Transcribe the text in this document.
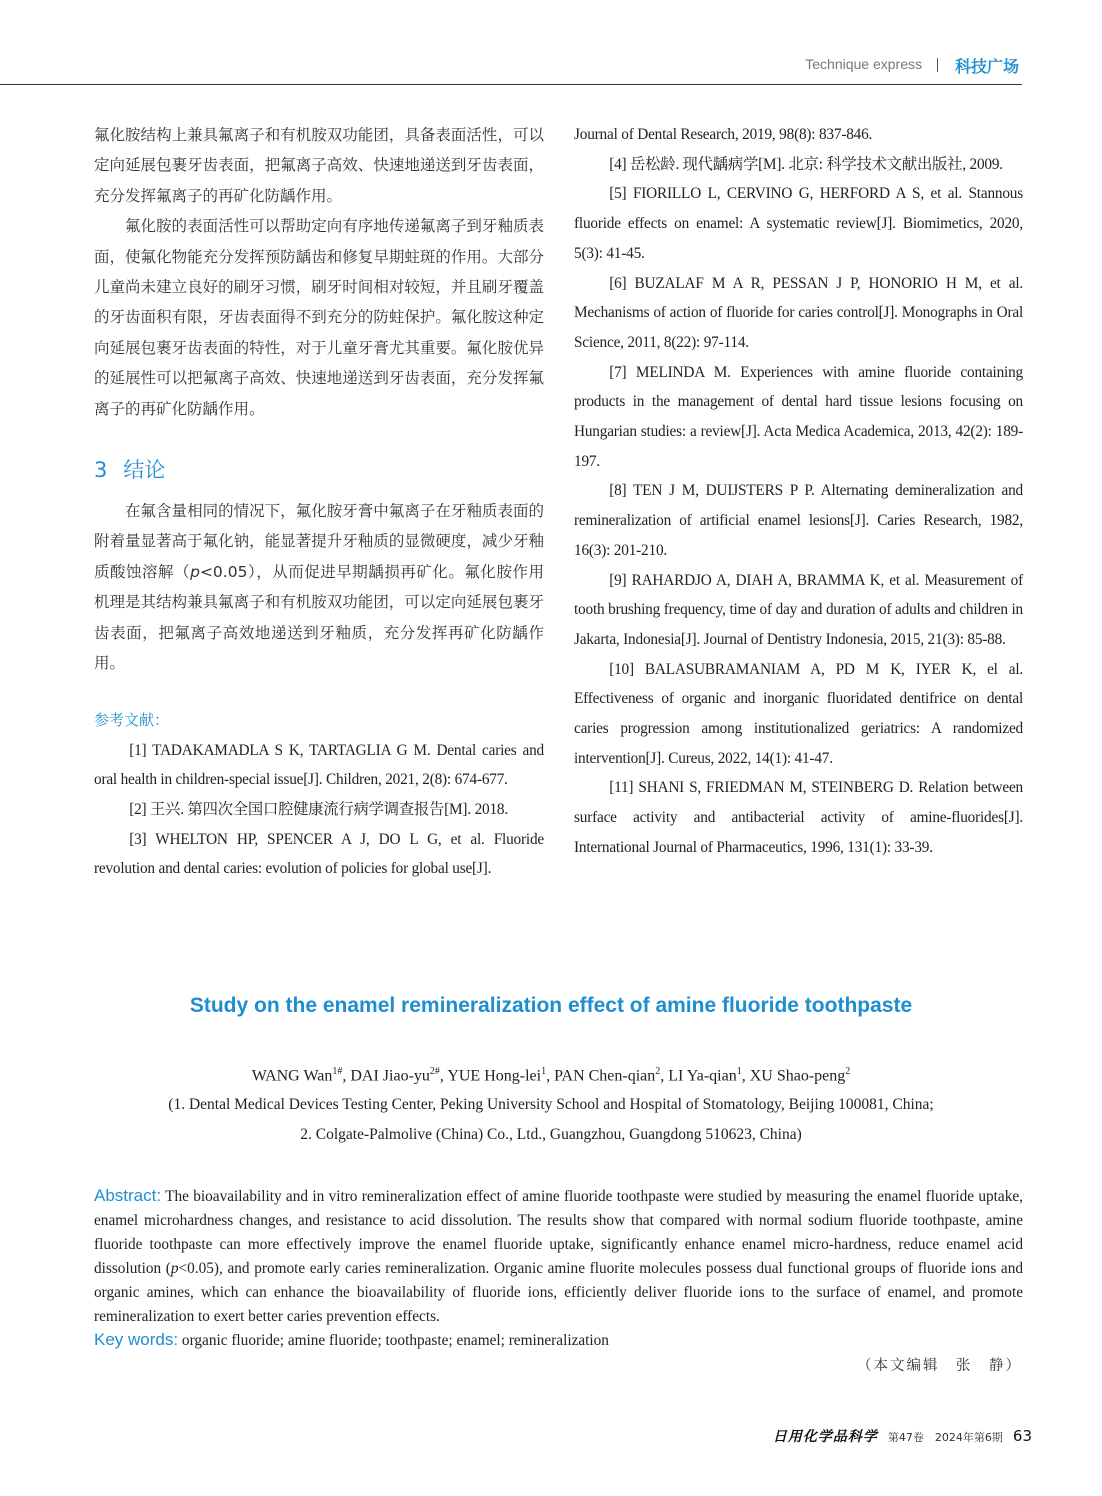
Technique express 科技广场

氟化胺结构上兼具氟离子和有机胺双功能团，具备表面活性，可以定向延展包裹牙齿表面，把氟离子高效、快速地递送到牙齿表面，充分发挥氟离子的再矿化防龋作用。

氟化胺的表面活性可以帮助定向有序地传递氟离子到牙釉质表面，使氟化物能充分发挥预防龋齿和修复早期蛀斑的作用。大部分儿童尚未建立良好的刷牙习惯，刷牙时间相对较短，并且刷牙覆盖的牙齿面积有限，牙齿表面得不到充分的防蛀保护。氟化胺这种定向延展包裹牙齿表面的特性，对于儿童牙膏尤其重要。氟化胺优异的延展性可以把氟离子高效、快速地递送到牙齿表面，充分发挥氟离子的再矿化防龋作用。

3 结论

在氟含量相同的情况下，氟化胺牙膏中氟离子在牙釉质表面的附着量显著高于氟化钠，能显著提升牙釉质的显微硬度，减少牙釉质酸蚀溶解（p<0.05），从而促进早期龋损再矿化。氟化胺作用机理是其结构兼具氟离子和有机胺双功能团，可以定向延展包裹牙齿表面，把氟离子高效地递送到牙釉质，充分发挥再矿化防龋作用。

参考文献：

[1] TADAKAMADLA S K, TARTAGLIA G M. Dental caries and oral health in children-special issue[J]. Children, 2021, 2(8): 674-677.

[2] 王兴. 第四次全国口腔健康流行病学调查报告[M]. 2018.

[3] WHELTON HP, SPENCER A J, DO L G, et al. Fluoride revolution and dental caries: evolution of policies for global use[J].

Journal of Dental Research, 2019, 98(8): 837-846.

[4] 岳松龄. 现代龋病学[M]. 北京: 科学技术文献出版社, 2009.

[5] FIORILLO L, CERVINO G, HERFORD A S, et al. Stannous fluoride effects on enamel: A systematic review[J]. Biomimetics, 2020, 5(3): 41-45.

[6] BUZALAF M A R, PESSAN J P, HONORIO H M, et al. Mechanisms of action of fluoride for caries control[J]. Monographs in Oral Science, 2011, 8(22): 97-114.

[7] MELINDA M. Experiences with amine fluoride containing products in the management of dental hard tissue lesions focusing on Hungarian studies: a review[J]. Acta Medica Academica, 2013, 42(2): 189-197.

[8] TEN J M, DUIJSTERS P P. Alternating demineralization and remineralization of artificial enamel lesions[J]. Caries Research, 1982, 16(3): 201-210.

[9] RAHARDJO A, DIAH A, BRAMMA K, et al. Measurement of tooth brushing frequency, time of day and duration of adults and children in Jakarta, Indonesia[J]. Journal of Dentistry Indonesia, 2015, 21(3): 85-88.

[10] BALASUBRAMANIAM A, PD M K, IYER K, el al. Effectiveness of organic and inorganic fluoridated dentifrice on dental caries progression among institutionalized geriatrics: A randomized intervention[J]. Cureus, 2022, 14(1): 41-47.

[11] SHANI S, FRIEDMAN M, STEINBERG D. Relation between surface activity and antibacterial activity of amine-fluorides[J]. International Journal of Pharmaceutics, 1996, 131(1): 33-39.

Study on the enamel remineralization effect of amine fluoride toothpaste
WANG Wan$^{1\#}$, DAI Jiao-$yu^{2\#}$, YUE Hong-lei$^1$, PAN Chen-qian$^2$, LI Ya-qian$^1$, XU Shao-peng$^2$
(1. Dental Medical Devices Testing Center, Peking University School and Hospital of Stomatology, Beijing 100081, China;
2. Colgate-Palmolive (China) Co., Ltd., Guangzhou, Guangdong 510623, China)

Abstract: The bioavailability and in vitro remineralization effect of amine fluoride toothpaste were studied by measuring the enamel fluoride uptake, enamel microhardness changes, and resistance to acid dissolution. The results show that compared with normal sodium fluoride toothpaste, amine fluoride toothpaste can more effectively improve the enamel fluoride uptake, significantly enhance enamel micro-hardness, reduce enamel acid dissolution (p<0.05), and promote early caries remineralization. Organic amine fluorite molecules possess dual functional groups of fluoride ions and organic amines, which can enhance the bioavailability of fluoride ions, efficiently deliver fluoride ions to the surface of enamel, and promote remineralization to exert better caries prevention effects.

Key words: organic fluoride; amine fluoride; toothpaste; enamel; remineralization
（本文编辑　张　静）
日用化学品科学 第47卷　2024年第6期 63
